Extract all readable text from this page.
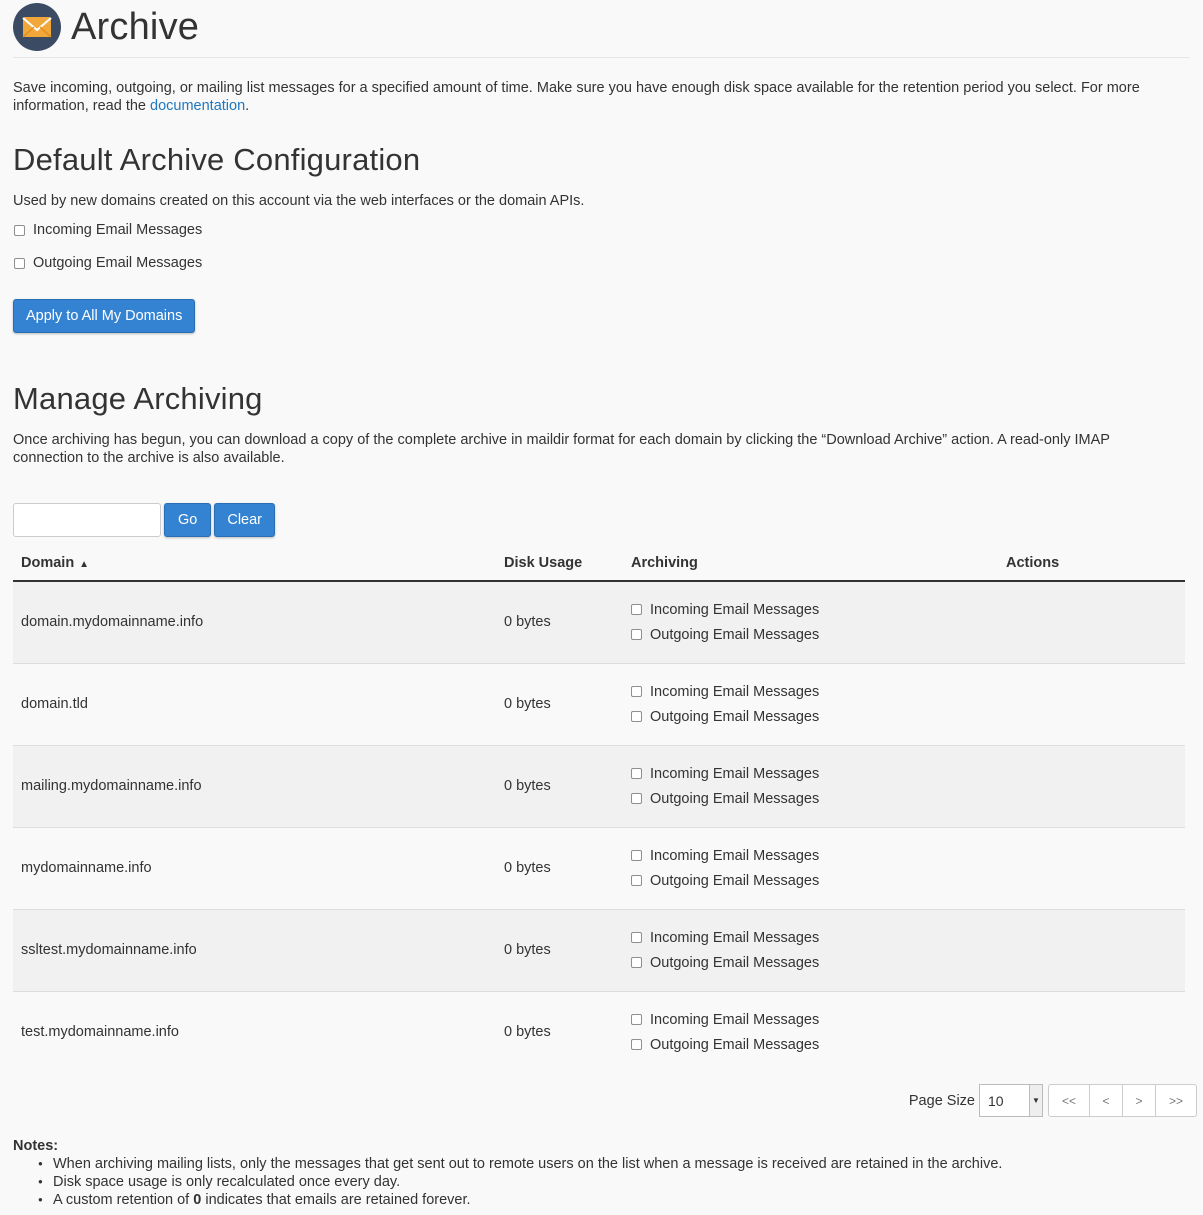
Archive
Save incoming, outgoing, or mailing list messages for a specified amount of time. Make sure you have enough disk space available for the retention period you select. For more information, read the documentation.
Default Archive Configuration
Used by new domains created on this account via the web interfaces or the domain APIs.
Incoming Email Messages
Outgoing Email Messages
Apply to All My Domains
Manage Archiving
Once archiving has begun, you can download a copy of the complete archive in maildir format for each domain by clicking the “Download Archive” action. A read-only IMAP connection to the archive is also available.
Go	Clear
Domain ▲	Disk Usage	Archiving	Actions
domain.mydomainname.info	0 bytes	Incoming Email Messages
Outgoing Email Messages	

domain.tld	0 bytes	Incoming Email Messages
Outgoing Email Messages	

mailing.mydomainname.info	0 bytes	Incoming Email Messages
Outgoing Email Messages	

mydomainname.info	0 bytes	Incoming Email Messages
Outgoing Email Messages	

ssltest.mydomainname.info	0 bytes	Incoming Email Messages
Outgoing Email Messages	

test.mydomainname.info	0 bytes	Incoming Email Messages
Outgoing Email Messages	

Page Size 10	▼	<<	<	>	>>
Notes:
● When archiving mailing lists, only the messages that get sent out to remote users on the list when a message is received are retained in the archive.
● Disk space usage is only recalculated once every day.
● A custom retention of 0 indicates that emails are retained forever.
